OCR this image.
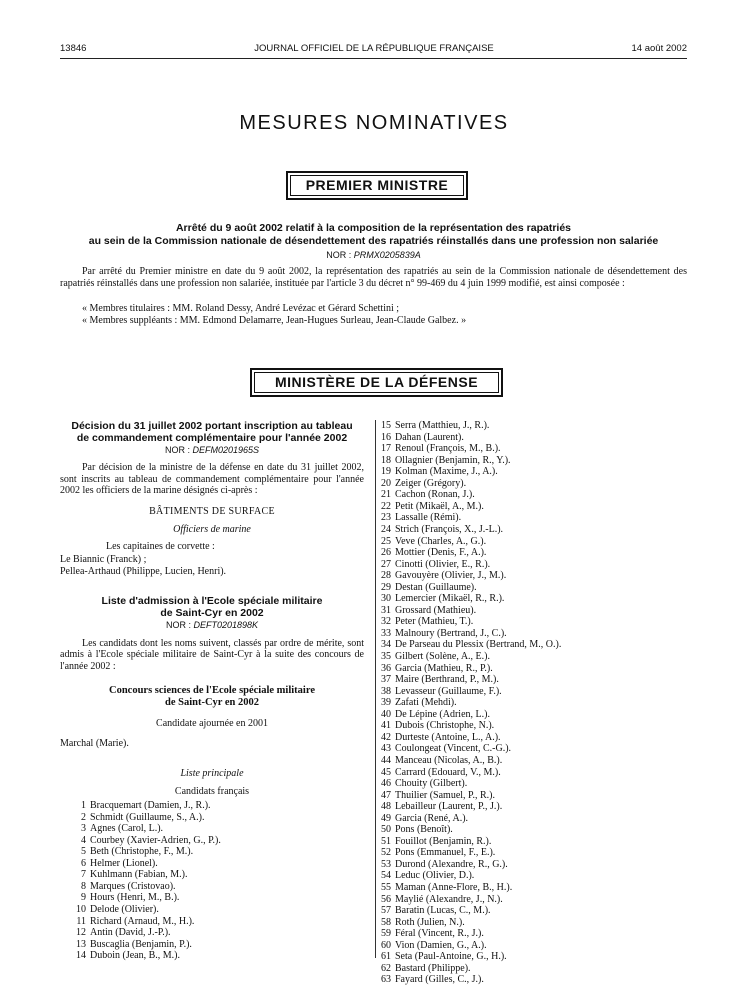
13846	JOURNAL OFFICIEL DE LA RÉPUBLIQUE FRANÇAISE	14 août 2002
MESURES NOMINATIVES
PREMIER MINISTRE
Arrêté du 9 août 2002 relatif à la composition de la représentation des rapatriés
au sein de la Commission nationale de désendettement des rapatriés réinstallés dans une profession non salariée
NOR : PRMX0205839A
Par arrêté du Premier ministre en date du 9 août 2002, la représentation des rapatriés au sein de la Commission nationale de désendettement des rapatriés réinstallés dans une profession non salariée, instituée par l'article 3 du décret n° 99-469 du 4 juin 1999 modifié, est ainsi composée :
« Membres titulaires : MM. Roland Dessy, André Levézac et Gérard Schettini ;
« Membres suppléants : MM. Edmond Delamarre, Jean-Hugues Surleau, Jean-Claude Galbez. »
MINISTÈRE DE LA DÉFENSE
Décision du 31 juillet 2002 portant inscription au tableau
de commandement complémentaire pour l'année 2002
NOR : DEFM0201965S
Par décision de la ministre de la défense en date du 31 juillet 2002, sont inscrits au tableau de commandement complémentaire pour l'année 2002 les officiers de la marine désignés ci-après :
BÂTIMENTS DE SURFACE
Officiers de marine
Les capitaines de corvette :
Le Biannic (Franck) ;
Pellea-Arthaud (Philippe, Lucien, Henri).
Liste d'admission à l'Ecole spéciale militaire
de Saint-Cyr en 2002
NOR : DEFT0201898K
Les candidats dont les noms suivent, classés par ordre de mérite, sont admis à l'Ecole spéciale militaire de Saint-Cyr à la suite des concours de l'année 2002 :
Concours sciences de l'Ecole spéciale militaire
de Saint-Cyr en 2002
Candidate ajournée en 2001
Marchal (Marie).
Liste principale
Candidats français
1 Bracquemart (Damien, J., R.).
2 Schmidt (Guillaume, S., A.).
3 Agnes (Carol, L.).
4 Courbey (Xavier-Adrien, G., P.).
5 Beth (Christophe, F., M.).
6 Helmer (Lionel).
7 Kuhlmann (Fabian, M.).
8 Marques (Cristovao).
9 Hours (Henri, M., B.).
10 Delode (Olivier).
11 Richard (Arnaud, M., H.).
12 Antin (David, J.-P.).
13 Buscaglia (Benjamin, P.).
14 Duboin (Jean, B., M.).
15 Serra (Matthieu, J., R.).
16 Dahan (Laurent).
17 Renoul (François, M., B.).
18 Ollagnier (Benjamin, R., Y.).
19 Kolman (Maxime, J., A.).
20 Zeiger (Grégory).
21 Cachon (Ronan, J.).
22 Petit (Mikaël, A., M.).
23 Lassalle (Rémi).
24 Strich (François, X., J.-L.).
25 Veve (Charles, A., G.).
26 Mottier (Denis, F., A.).
27 Cinotti (Olivier, E., R.).
28 Gavouyère (Olivier, J., M.).
29 Destan (Guillaume).
30 Lemercier (Mikaël, R., R.).
31 Grossard (Mathieu).
32 Peter (Mathieu, T.).
33 Malnoury (Bertrand, J., C.).
34 De Parseau du Plessix (Bertrand, M., O.).
35 Gilbert (Solène, A., E.).
36 Garcia (Mathieu, R., P.).
37 Maire (Berthrand, P., M.).
38 Levasseur (Guillaume, F.).
39 Zafati (Mehdi).
40 De Lépine (Adrien, L.).
41 Dubois (Christophe, N.).
42 Durteste (Antoine, L., A.).
43 Coulongeat (Vincent, C.-G.).
44 Manceau (Nicolas, A., B.).
45 Carrard (Edouard, V., M.).
46 Chouity (Gilbert).
47 Thuilier (Samuel, P., R.).
48 Lebailleur (Laurent, P., J.).
49 Garcia (René, A.).
50 Pons (Benoît).
51 Fouillot (Benjamin, R.).
52 Pons (Emmanuel, F., E.).
53 Durond (Alexandre, R., G.).
54 Leduc (Olivier, D.).
55 Maman (Anne-Flore, B., H.).
56 Maylié (Alexandre, J., N.).
57 Baratin (Lucas, C., M.).
58 Roth (Julien, N.).
59 Féral (Vincent, R., J.).
60 Vion (Damien, G., A.).
61 Seta (Paul-Antoine, G., H.).
62 Bastard (Philippe).
63 Fayard (Gilles, C., J.).
